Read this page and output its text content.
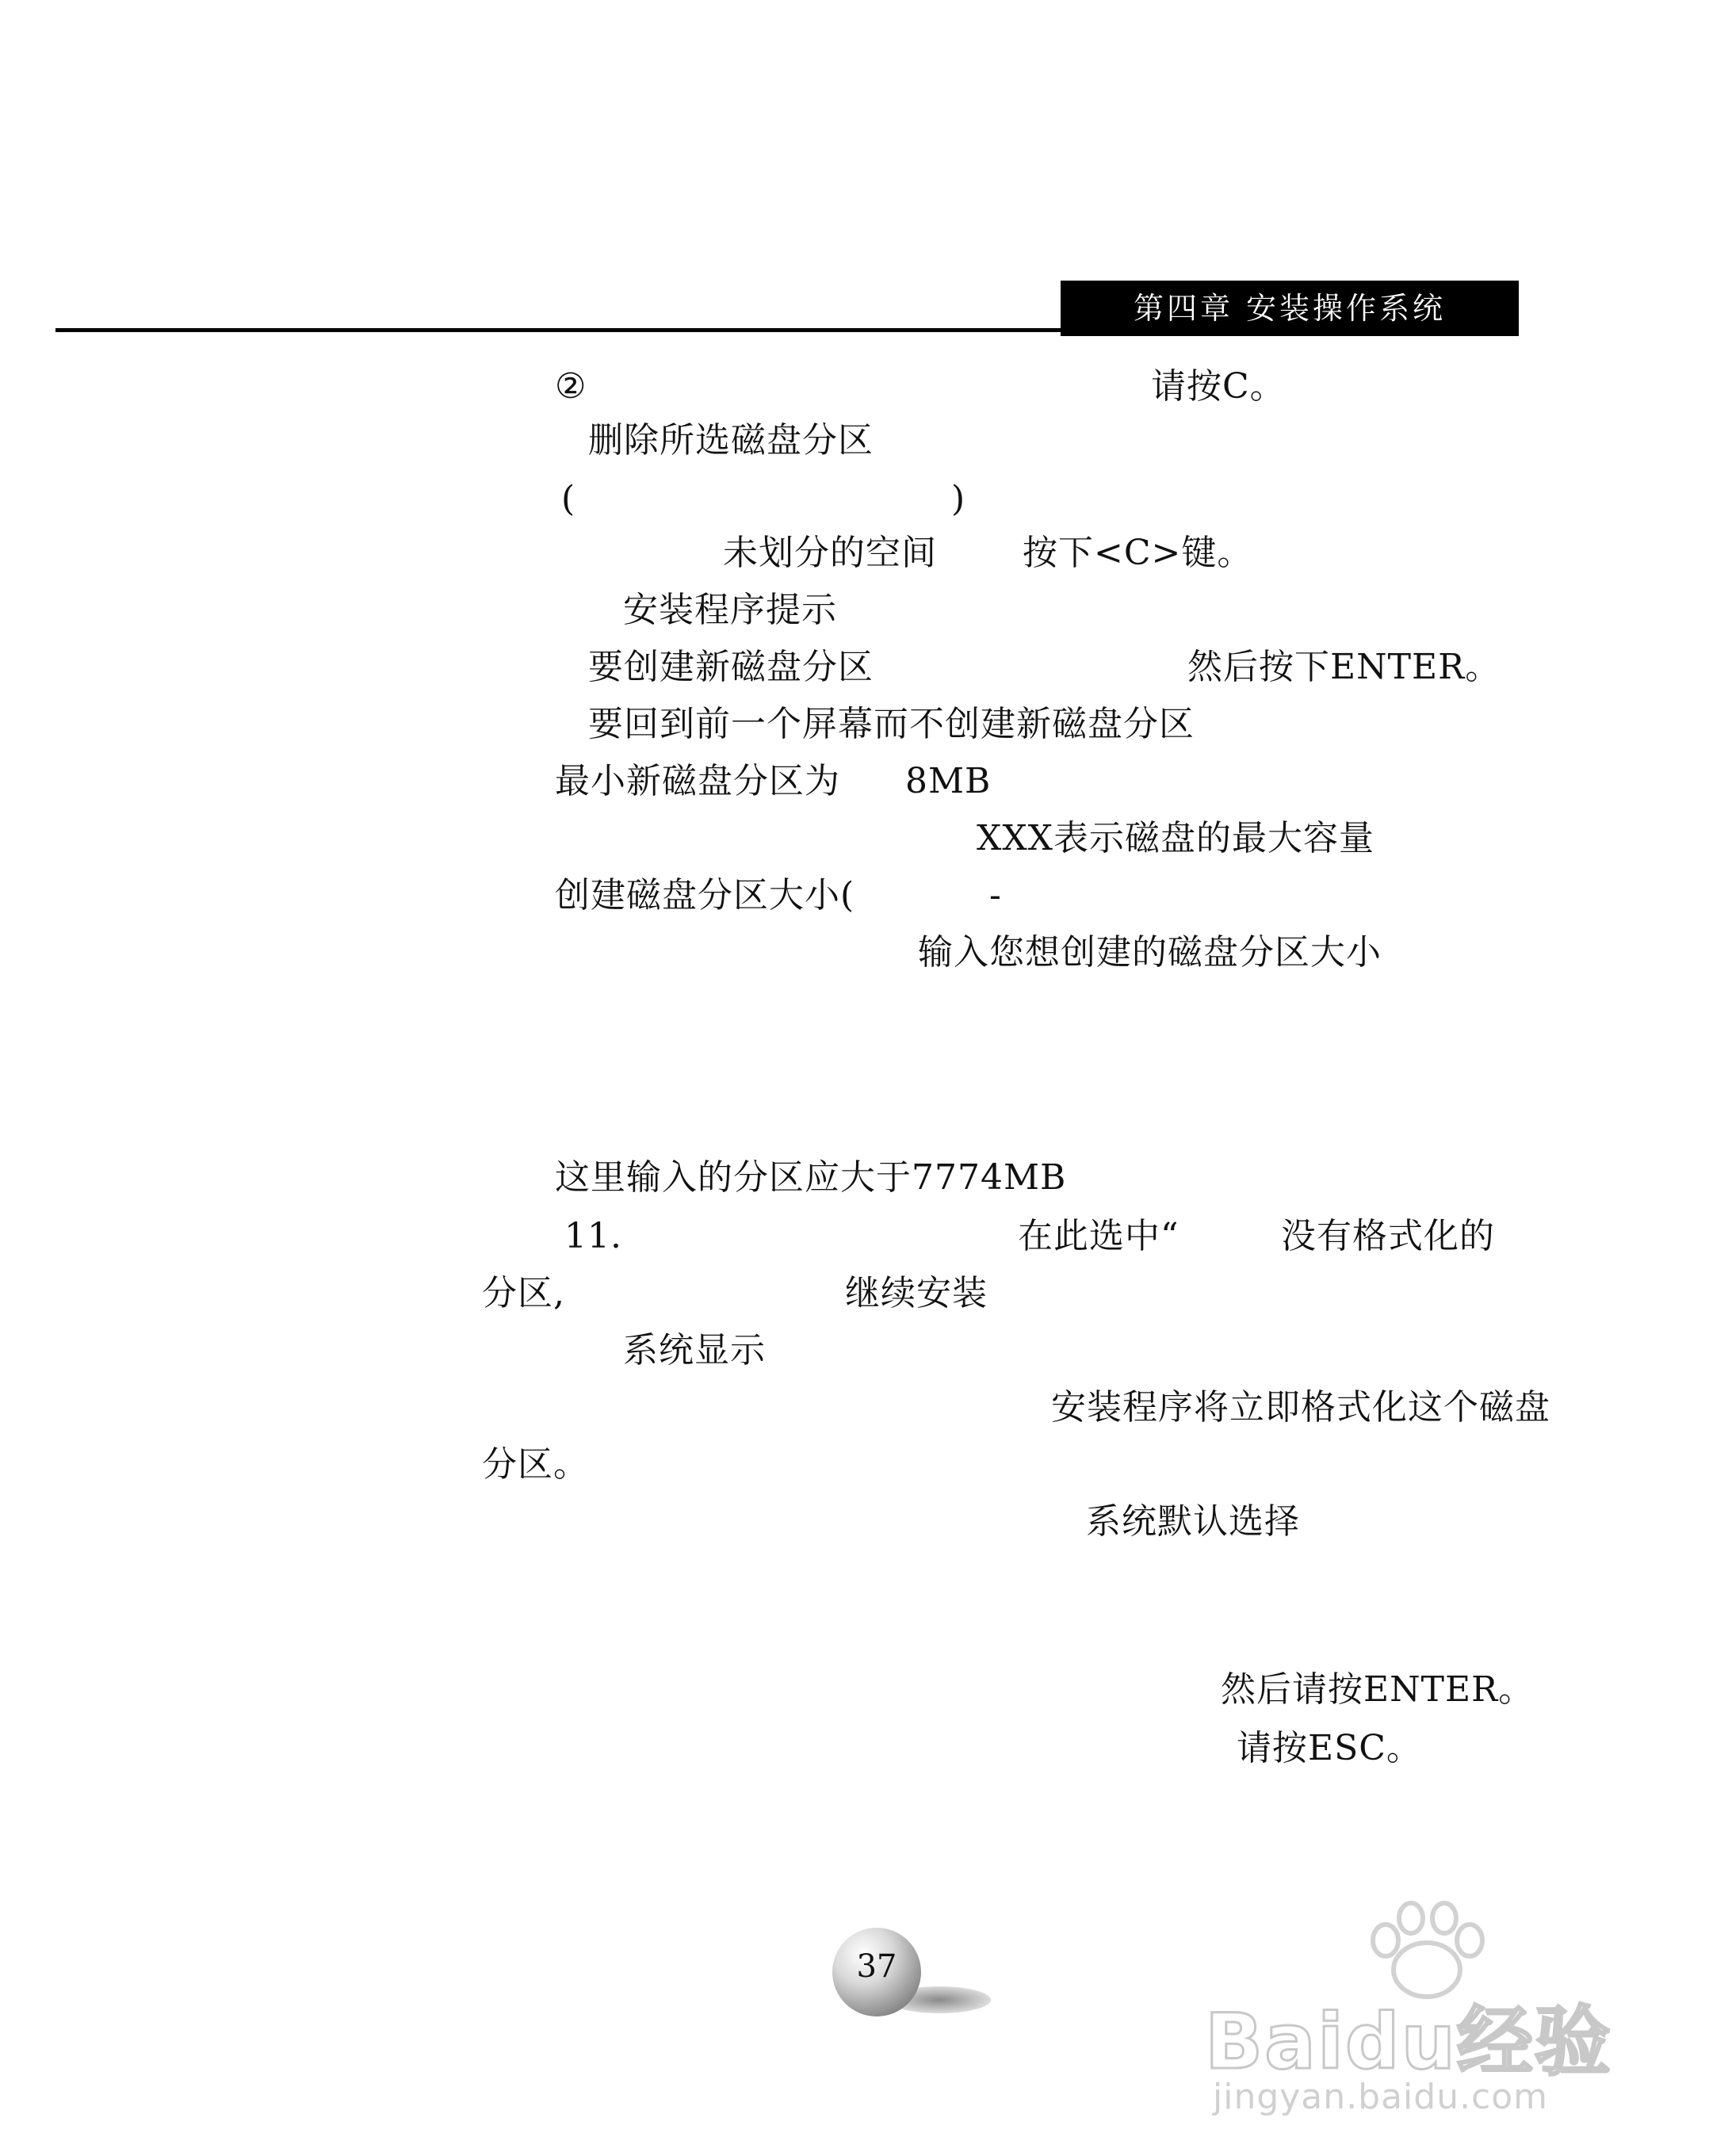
第四章 安装操作系统
②	请按C。
删除所选磁盘分区
(	)
未划分的空间 按下<C>键。
安装程序提示
要创建新磁盘分区	然后按下ENTER。
要回到前一个屏幕而不创建新磁盘分区
最小新磁盘分区为 8MB
XXX表示磁盘的最大容量
创建磁盘分区大小(	-
输入您想创建的磁盘分区大小
这里输入的分区应大于7774MB
11.	在此选中“	没有格式化的
分区,	继续安装
系统显示
安装程序将立即格式化这个磁盘
分区。
系统默认选择
然后请按ENTER。
请按ESC。
37
Baidu经验
jingyan.baidu.com
